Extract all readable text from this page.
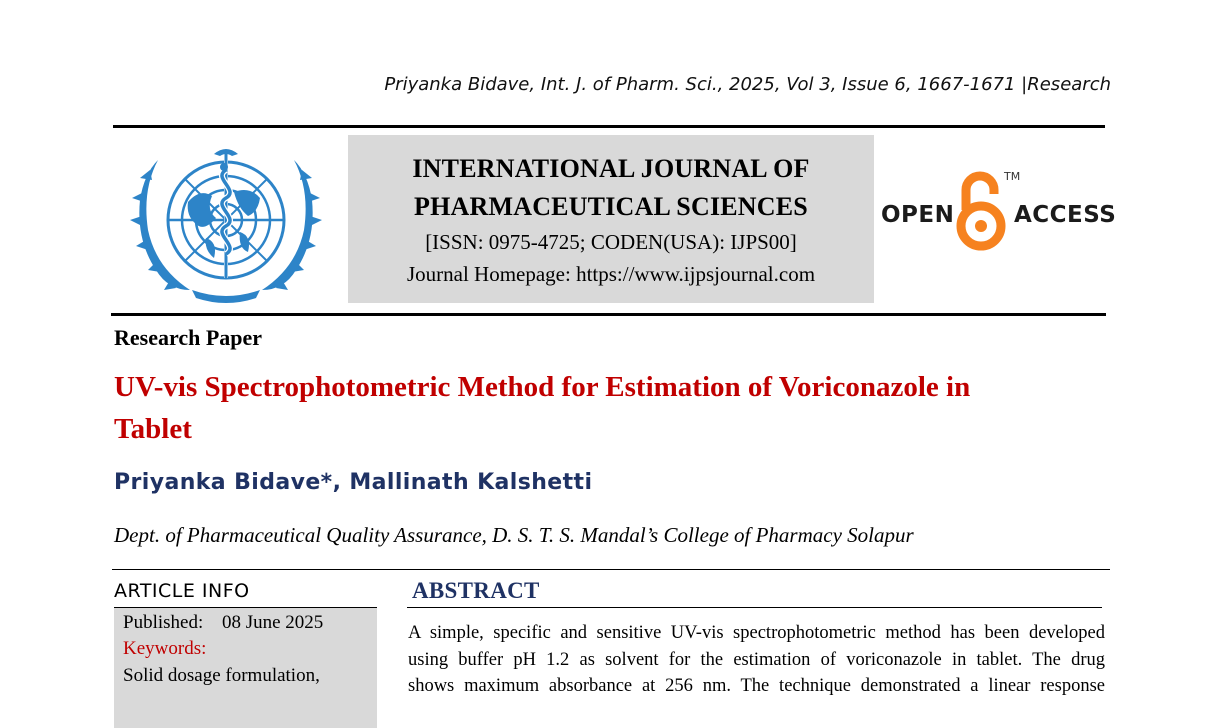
Priyanka Bidave, Int. J. of Pharm. Sci., 2025, Vol 3, Issue 6, 1667-1671 |Research
INTERNATIONAL JOURNAL OF
PHARMACEUTICAL SCIENCES
[ISSN: 0975-4725; CODEN(USA): IJPS00]
Journal Homepage: https://www.ijpsjournal.com
OPEN
TM
ACCESS
Research Paper
UV-vis Spectrophotometric Method for Estimation of Voriconazole in
Tablet
Priyanka Bidave*, Mallinath Kalshetti
Dept. of Pharmaceutical Quality Assurance, D. S. T. S. Mandal’s College of Pharmacy Solapur
ARTICLE INFO
Published: 08 June 2025
Keywords:
Solid dosage formulation,
ABSTRACT
A simple, specific and sensitive UV-vis spectrophotometric method has been developed
using buffer pH 1.2 as solvent for the estimation of voriconazole in tablet. The drug
shows maximum absorbance at 256 nm. The technique demonstrated a linear response
